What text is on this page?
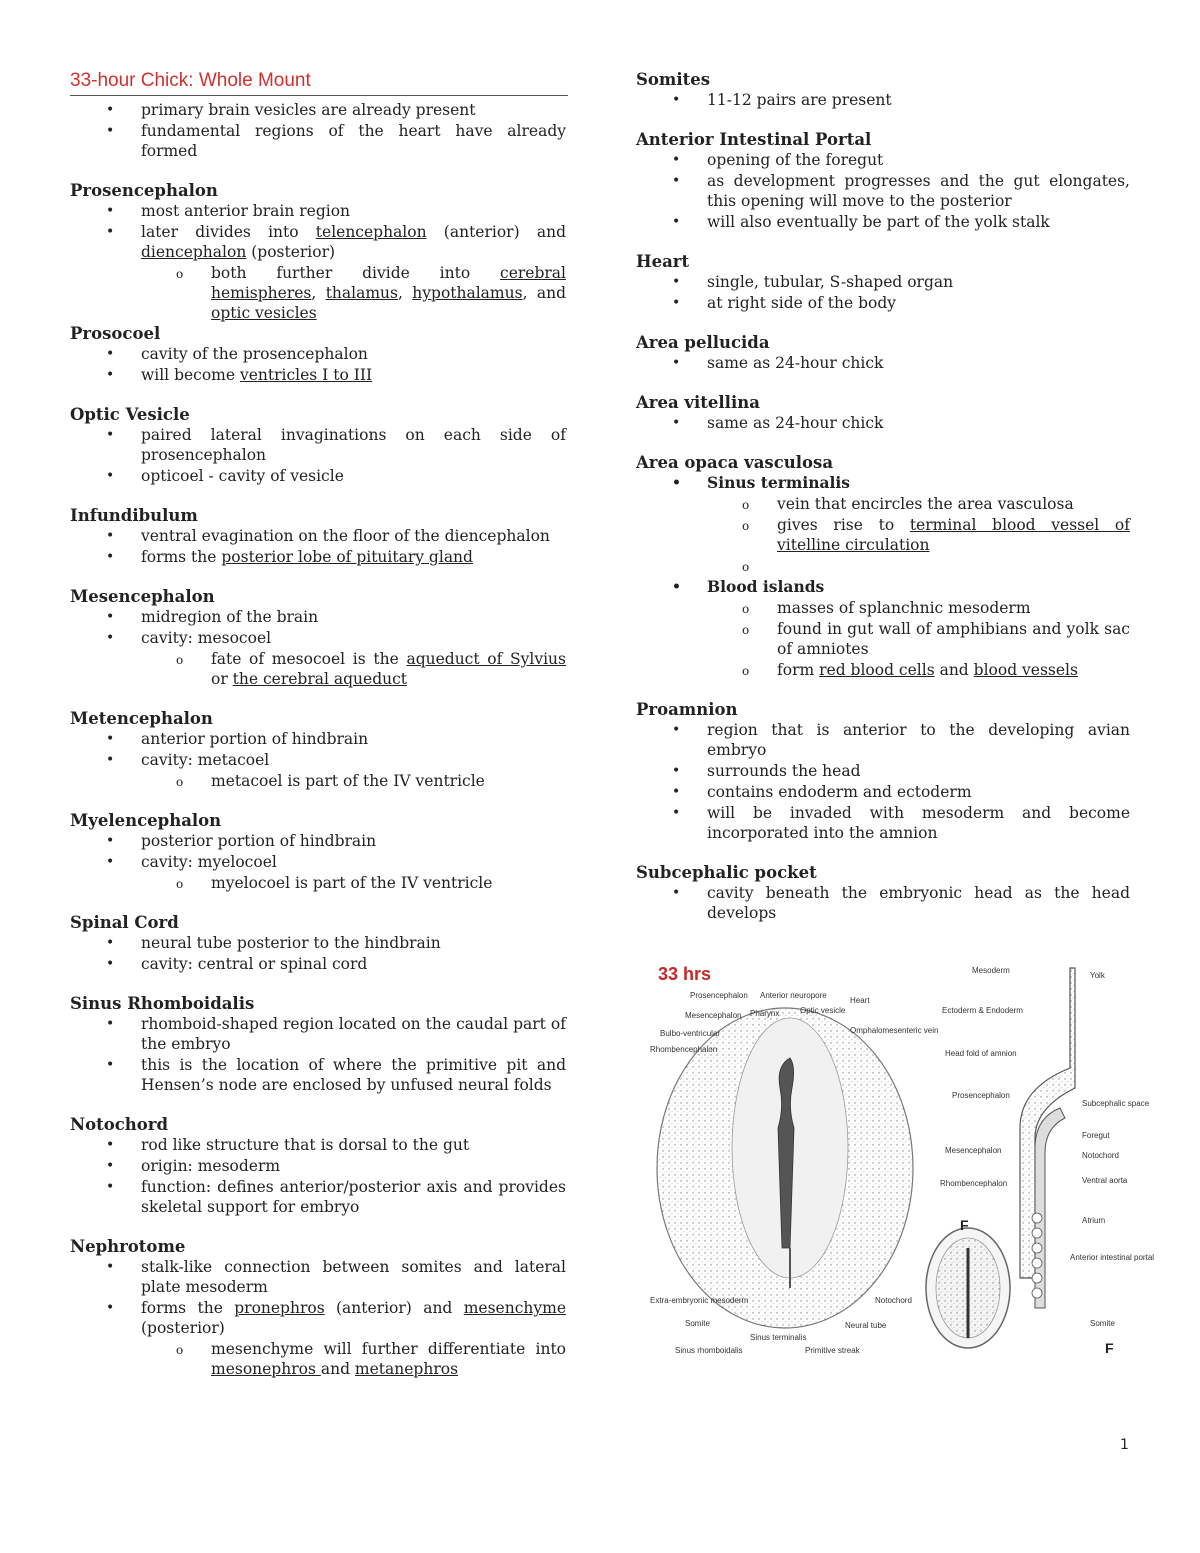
33-hour Chick: Whole Mount
• primary brain vesicles are already present
• fundamental regions of the heart have already formed
Prosencephalon
• most anterior brain region
• later divides into telencephalon (anterior) and diencephalon (posterior)
o both further divide into cerebral hemispheres, thalamus, hypothalamus, and optic vesicles
Prosocoel
• cavity of the prosencephalon
• will become ventricles I to III
Optic Vesicle
• paired lateral invaginations on each side of prosencephalon
• opticoel - cavity of vesicle
Infundibulum
• ventral evagination on the floor of the diencephalon
• forms the posterior lobe of pituitary gland
Mesencephalon
• midregion of the brain
• cavity: mesocoel
o fate of mesocoel is the aqueduct of Sylvius or the cerebral aqueduct
Metencephalon
• anterior portion of hindbrain
• cavity: metacoel
o metacoel is part of the IV ventricle
Myelencephalon
• posterior portion of hindbrain
• cavity: myelocoel
o myelocoel is part of the IV ventricle
Spinal Cord
• neural tube posterior to the hindbrain
• cavity: central or spinal cord
Sinus Rhomboidalis
• rhomboid-shaped region located on the caudal part of the embryo
• this is the location of where the primitive pit and Hensen’s node are enclosed by unfused neural folds
Notochord
• rod like structure that is dorsal to the gut
• origin: mesoderm
• function: defines anterior/posterior axis and provides skeletal support for embryo
Nephrotome
• stalk-like connection between somites and lateral plate mesoderm
• forms the pronephros (anterior) and mesenchyme (posterior)
o mesenchyme will further differentiate into mesonephros and metanephros
Somites
• 11-12 pairs are present
Anterior Intestinal Portal
• opening of the foregut
• as development progresses and the gut elongates, this opening will move to the posterior
• will also eventually be part of the yolk stalk
Heart
• single, tubular, S-shaped organ
• at right side of the body
Area pellucida
• same as 24-hour chick
Area vitellina
• same as 24-hour chick
Area opaca vasculosa
• Sinus terminalis
o vein that encircles the area vasculosa
o gives rise to terminal blood vessel of vitelline circulation
o
• Blood islands
o masses of splanchnic mesoderm
o found in gut wall of amphibians and yolk sac of amniotes
o form red blood cells and blood vessels
Proamnion
• region that is anterior to the developing avian embryo
• surrounds the head
• contains endoderm and ectoderm
• will be invaded with mesoderm and become incorporated into the amnion
Subcephalic pocket
• cavity beneath the embryonic head as the head develops
33 hrs
F
F
Prosencephalon Anterior neuropore
Heart
Mesencephalon Pharynx	Optic vesicle
Omphalomesenteric vein
Bulbo-ventricular
Rhombencephalon
Extra-embryonic mesoderm
Somite
Sinus terminalis
Sinus rhomboidalis	Primitive streak
Neural tube
Notochord
Mesoderm
Yolk
Ectoderm & Endoderm
Head fold of amnion
Prosencephalon
Subcephalic space
Foregut
Notochord
Mesencephalon
Rhombencephalon	Ventral aorta
Atrium
Anterior intestinal portal
Somite
1
